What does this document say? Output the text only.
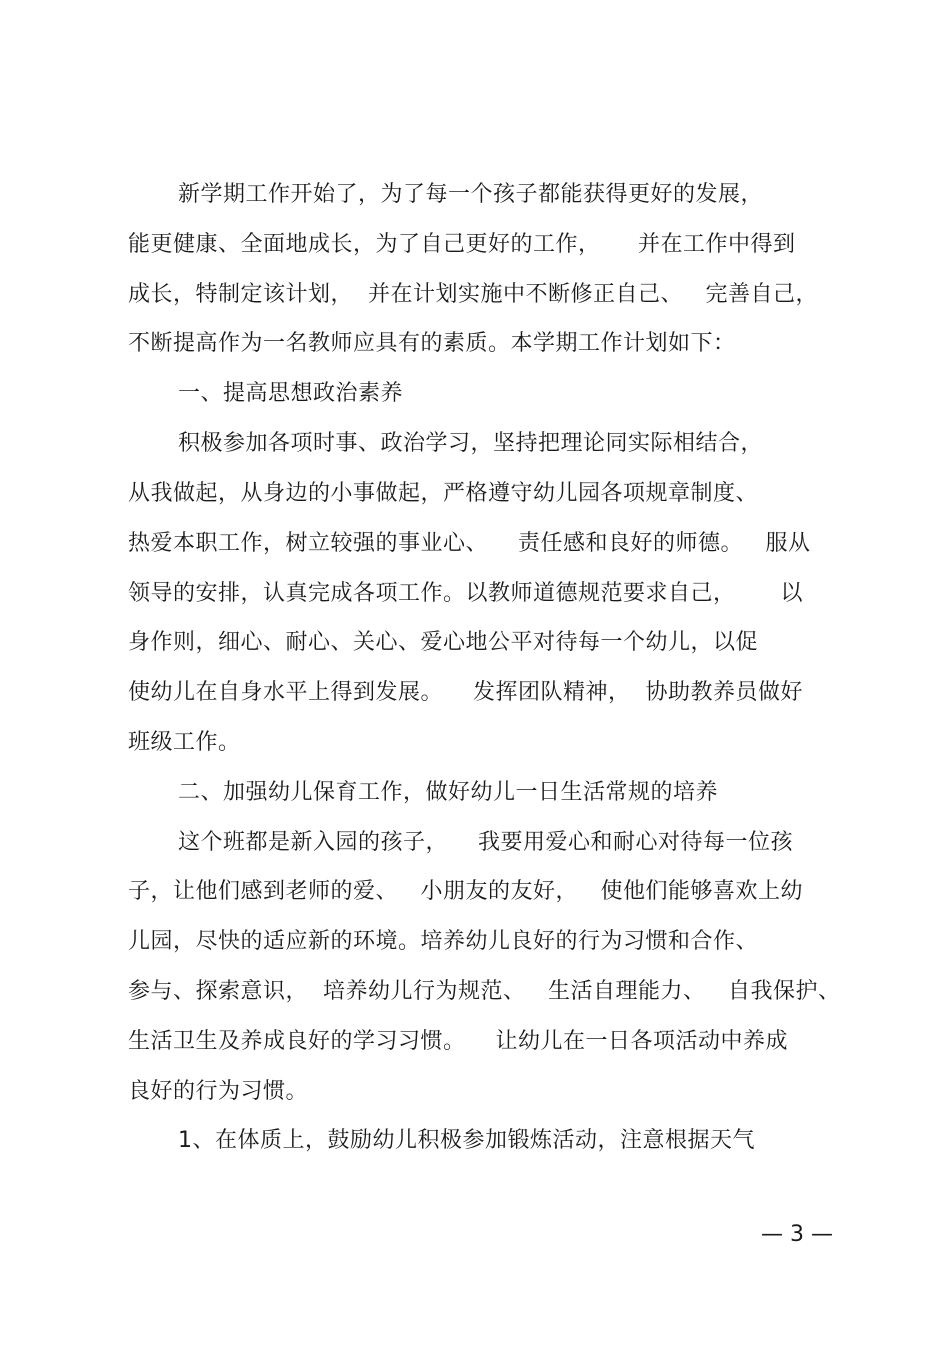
新学期工作开始了，为了每一个孩子都能获得更好的发展，
能更健康、全面地成长，为了自己更好的工作，     并在工作中得到
成长，特制定该计划，  并在计划实施中不断修正自己、   完善自己，
不断提高作为一名教师应具有的素质。本学期工作计划如下：
一、提高思想政治素养
积极参加各项时事、政治学习，坚持把理论同实际相结合，
从我做起，从身边的小事做起，严格遵守幼儿园各项规章制度、
热爱本职工作，树立较强的事业心、    责任感和良好的师德。   服从
领导的安排，认真完成各项工作。以教师道德规范要求自己，      以
身作则，细心、耐心、关心、爱心地公平对待每一个幼儿，以促
使幼儿在自身水平上得到发展。    发挥团队精神，  协助教养员做好
班级工作。
二、加强幼儿保育工作，做好幼儿一日生活常规的培养
这个班都是新入园的孩子，    我要用爱心和耐心对待每一位孩
子，让他们感到老师的爱、   小朋友的友好，   使他们能够喜欢上幼
儿园，尽快的适应新的环境。培养幼儿良好的行为习惯和合作、
参与、探索意识，  培养幼儿行为规范、   生活自理能力、   自我保护、
生活卫生及养成良好的学习习惯。    让幼儿在一日各项活动中养成
良好的行为习惯。
1、在体质上，鼓励幼儿积极参加锻炼活动，注意根据天气
— 3 —
